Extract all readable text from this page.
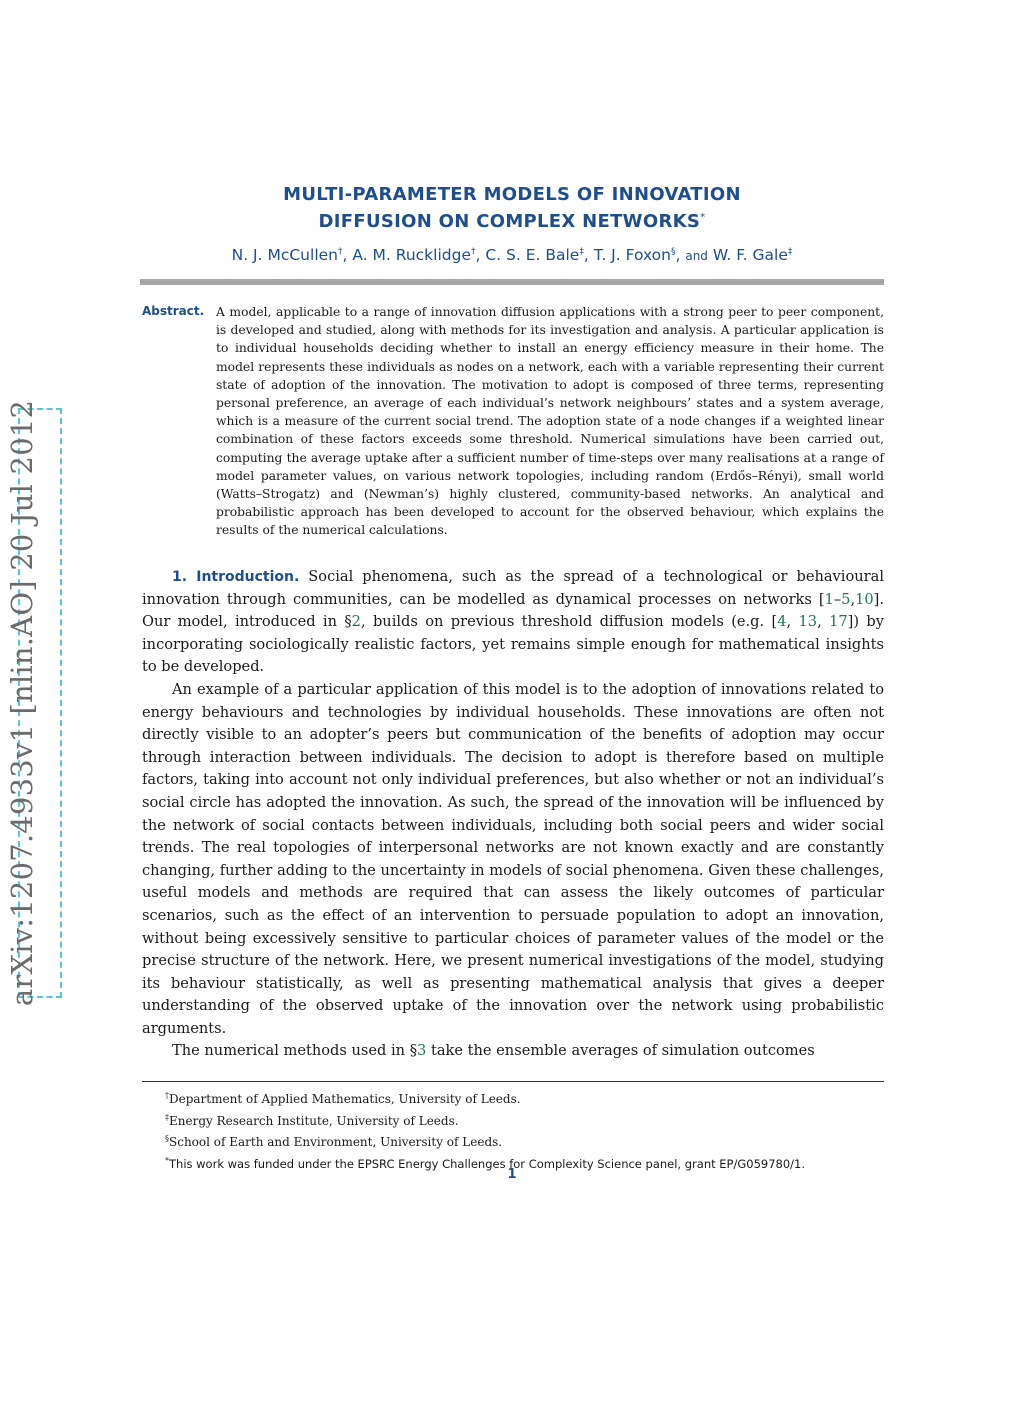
arXiv:1207.4933v1 [nlin.AO] 20 Jul 2012
MULTI-PARAMETER MODELS OF INNOVATION
DIFFUSION ON COMPLEX NETWORKS*
N. J. McCullen†, A. M. Rucklidge†, C. S. E. Bale‡, T. J. Foxon§, and W. F. Gale‡
Abstract. A model, applicable to a range of innovation diffusion applications with a strong peer to peer component, is developed and studied, along with methods for its investigation and analysis. A particular application is to individual households deciding whether to install an energy efficiency measure in their home. The model represents these individuals as nodes on a network, each with a variable representing their current state of adoption of the innovation. The motivation to adopt is composed of three terms, representing personal preference, an average of each individual’s network neighbours’ states and a system average, which is a measure of the current social trend. The adoption state of a node changes if a weighted linear combination of these factors exceeds some threshold. Numerical simulations have been carried out, computing the average uptake after a sufficient number of time-steps over many realisations at a range of model parameter values, on various network topologies, including random (Erdős–Rényi), small world (Watts–Strogatz) and (Newman’s) highly clustered, community-based networks. An analytical and probabilistic approach has been developed to account for the observed behaviour, which explains the results of the numerical calculations.

1. Introduction. Social phenomena, such as the spread of a technological or behavioural innovation through communities, can be modelled as dynamical processes on networks [1–5,10]. Our model, introduced in §2, builds on previous threshold diffusion models (e.g. [4, 13, 17]) by incorporating sociologically realistic factors, yet remains simple enough for mathematical insights to be developed.

An example of a particular application of this model is to the adoption of innovations related to energy behaviours and technologies by individual households. These innovations are often not directly visible to an adopter’s peers but communication of the benefits of adoption may occur through interaction between individuals. The decision to adopt is therefore based on multiple factors, taking into account not only individual preferences, but also whether or not an individual’s social circle has adopted the innovation. As such, the spread of the innovation will be influenced by the network of social contacts between individuals, including both social peers and wider social trends. The real topologies of interpersonal networks are not known exactly and are constantly changing, further adding to the uncertainty in models of social phenomena. Given these challenges, useful models and methods are required that can assess the likely outcomes of particular scenarios, such as the effect of an intervention to persuade population to adopt an innovation, without being excessively sensitive to particular choices of parameter values of the model or the precise structure of the network. Here, we present numerical investigations of the model, studying its behaviour statistically, as well as presenting mathematical analysis that gives a deeper understanding of the observed uptake of the innovation over the network using probabilistic arguments.

The numerical methods used in §3 take the ensemble averages of simulation outcomes

†Department of Applied Mathematics, University of Leeds.
‡Energy Research Institute, University of Leeds.
§School of Earth and Environment, University of Leeds.
*This work was funded under the EPSRC Energy Challenges for Complexity Science panel, grant EP/G059780/1.
1
